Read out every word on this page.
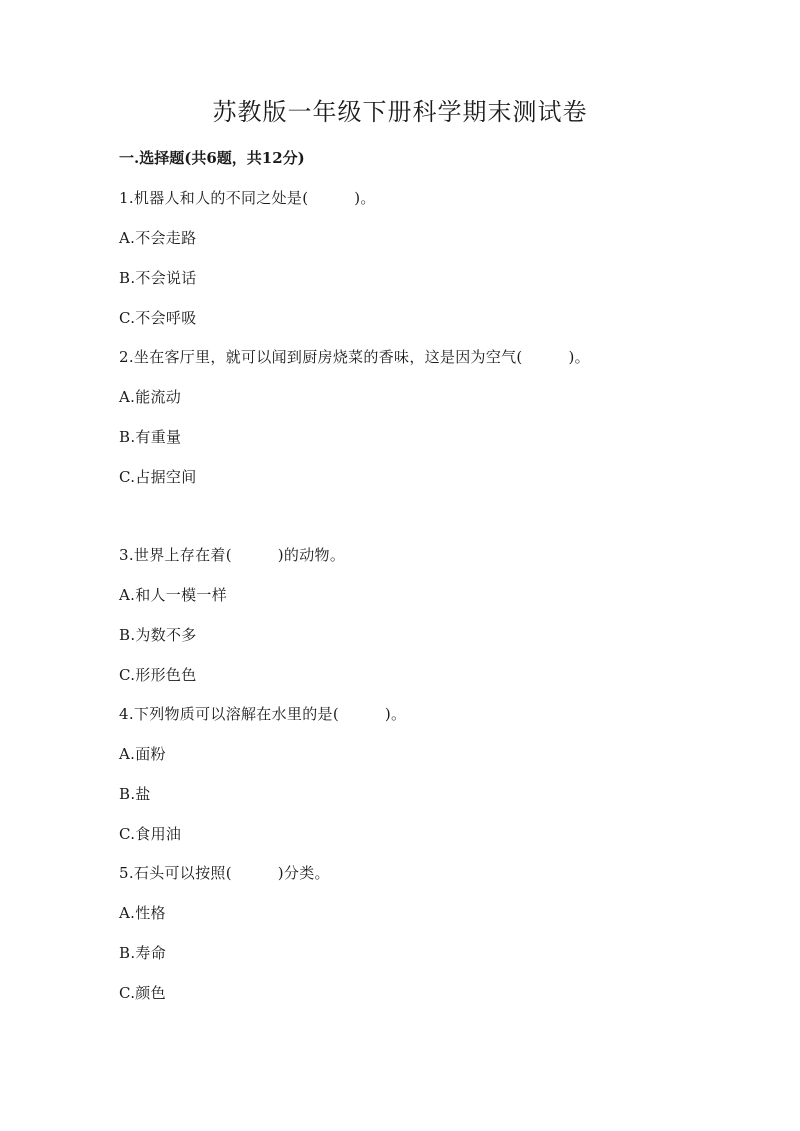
苏教版一年级下册科学期末测试卷
一.选择题(共6题，共12分)
1.机器人和人的不同之处是(　　　)。
A.不会走路
B.不会说话
C.不会呼吸
2.坐在客厅里，就可以闻到厨房烧菜的香味，这是因为空气(　　　)。
A.能流动
B.有重量
C.占据空间
3.世界上存在着(　　　)的动物。
A.和人一模一样
B.为数不多
C.形形色色
4.下列物质可以溶解在水里的是(　　　)。
A.面粉
B.盐
C.食用油
5.石头可以按照(　　　)分类。
A.性格
B.寿命
C.颜色
